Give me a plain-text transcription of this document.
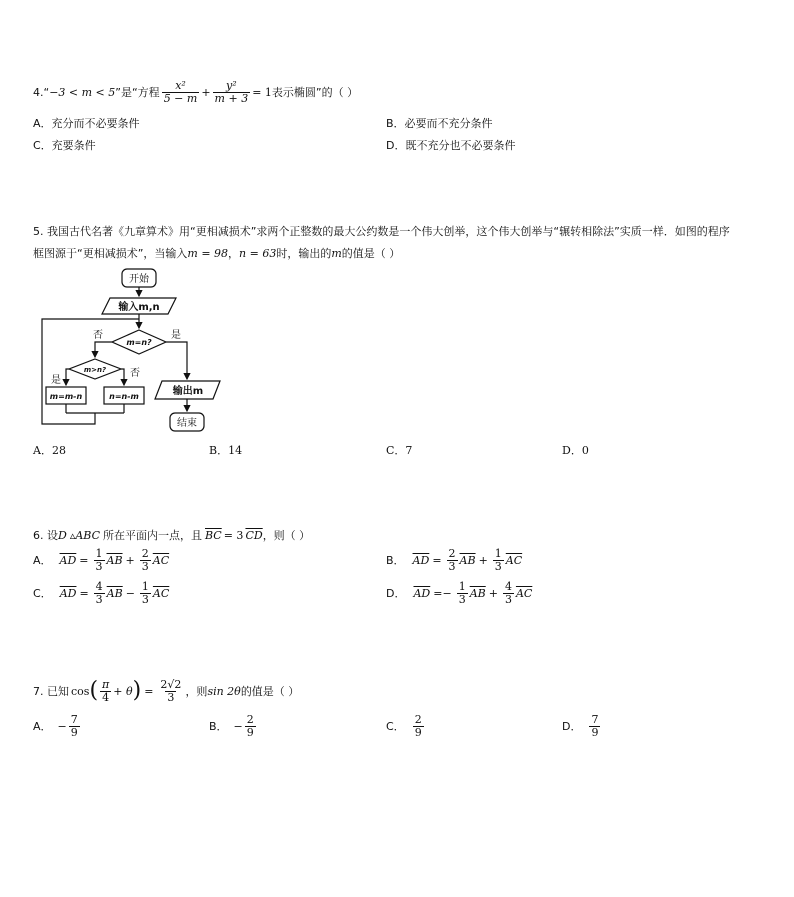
4. “ −3 < m < 5 ”是“方程 $\frac{\text{x²}}{5 - m} + \frac{\text{y²}}{m + 3} = 1$ 表示椭圆”的（ ）
A．充分而不必要条件	B．必要而不充分条件
C．充要条件	D．既不充分也不必要条件
5. 我国古代名著《九章算术》用“更相减损术”求两个正整数的最大公约数是一个伟大创举，这个伟大创举与“辗转相除法”实质一样．如图的程序
框图源于“更相减损术”，当输入 m = 98 ， n = 63 时，输出的 m 的值是（ ）
开始
输入m,n
m=n?
否	是
m>n?
是
否
m=m-n	n=n-m	输出m
结束
A．28	B．14	C．7	D．0
6. 设 D ▵ABC 所在平面内一点，且 $\overline{BC} = 3$ $\overline{CD}$ ，则（ ）
A． $\overline{AD} = \frac{1}{3} \overline{AB} + \frac{2}{3} \overline{AC}$	B． $\overline{AD} = \frac{2}{3} \overline{AB} + \frac{1}{3} \overline{AC}$
C． $\overline{AD} = \frac{4}{3} \overline{AB} - \frac{1}{3} \overline{AC}$	D． $\overline{AD} =- \frac{1}{3} \overline{AB} + \frac{4}{3} \overline{AC}$
7. 已知 cos ( $\frac{\pi}{4} + \theta$ ) = $\frac{2√2}{3}$ ，则 sin 2θ 的值是（ ）
A． − $\frac{7}{9}$	B． − $\frac{2}{9}$	C． $\frac{2}{9}$	D． $\frac{7}{9}$
